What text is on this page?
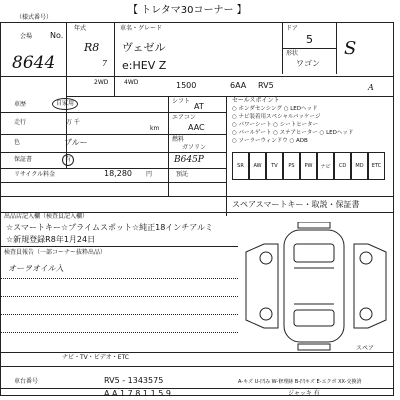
【 トレタマ30コーナー 】
（様式番号）
会場 No.
8644
年式
R8
7
車名・グレード
ヴェゼル
e:HEV Z
ドア
5
形状
ワゴン
S
A
2WD	4WD	1500	6AA RV5
車歴	自家用
走行	万 千
km
色	ブルー
B645P
保証書	有
リサイクル料金	18,280 円	預託
シフト
AT
エアコン
AAC
燃料
ガソリン
セールスポイント
○ ホンダセンシング ○ LEDヘッド
○ ナビ装着用スペシャルパッケージ
○ パワーシート ○ シートヒーター
○ パールゲート ○ ステアヒーター ○ LEDヘッド
○ ソーラーウィンドウ ○ ADB
SR	AW	TV	PS	PW	ナビ	CD	MD	ETC
スペアスマートキー・取説・保証書
出品店記入欄（検査員記入欄）
☆スマートキー☆プライムスポット☆純正18インチアルミ
☆新規登録R8年1月24日
検査員報告（一部コーナー抜粋出品）
オーヲオイル入
スペア
ナビ・TV・ビデオ・ETC
車台番号	RV5 - 1343575	A-キズ U-凹み W-修理跡 B-凹キズ E-エクボ XX-交換済
A A 1 7 8 1 1 5 9	ジャッキ 有
